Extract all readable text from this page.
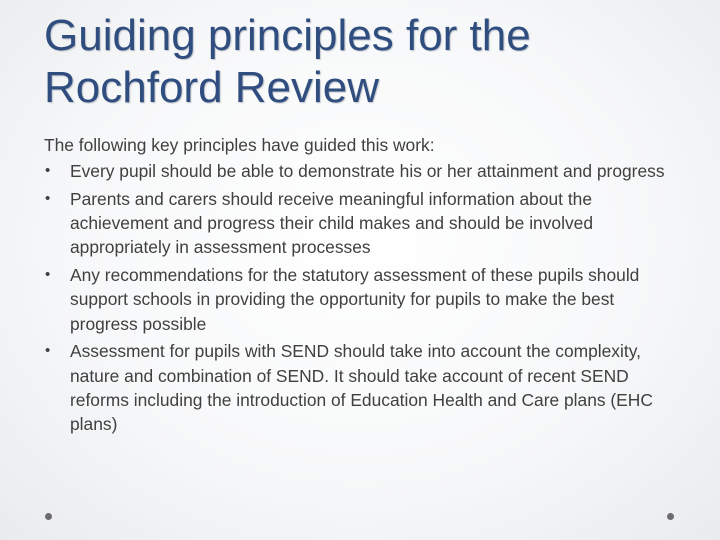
Guiding principles for the Rochford Review

The following key principles have guided this work:

•	Every pupil should be able to demonstrate his or her attainment and progress
•	Parents and carers should receive meaningful information about the achievement and progress their child makes and should be involved appropriately in assessment processes
•	Any recommendations for the statutory assessment of these pupils should support schools in providing the opportunity for pupils to make the best progress possible
•	Assessment for pupils with SEND should take into account the complexity, nature and combination of SEND. It should take account of recent SEND reforms including the introduction of Education Health and Care plans (EHC plans)
